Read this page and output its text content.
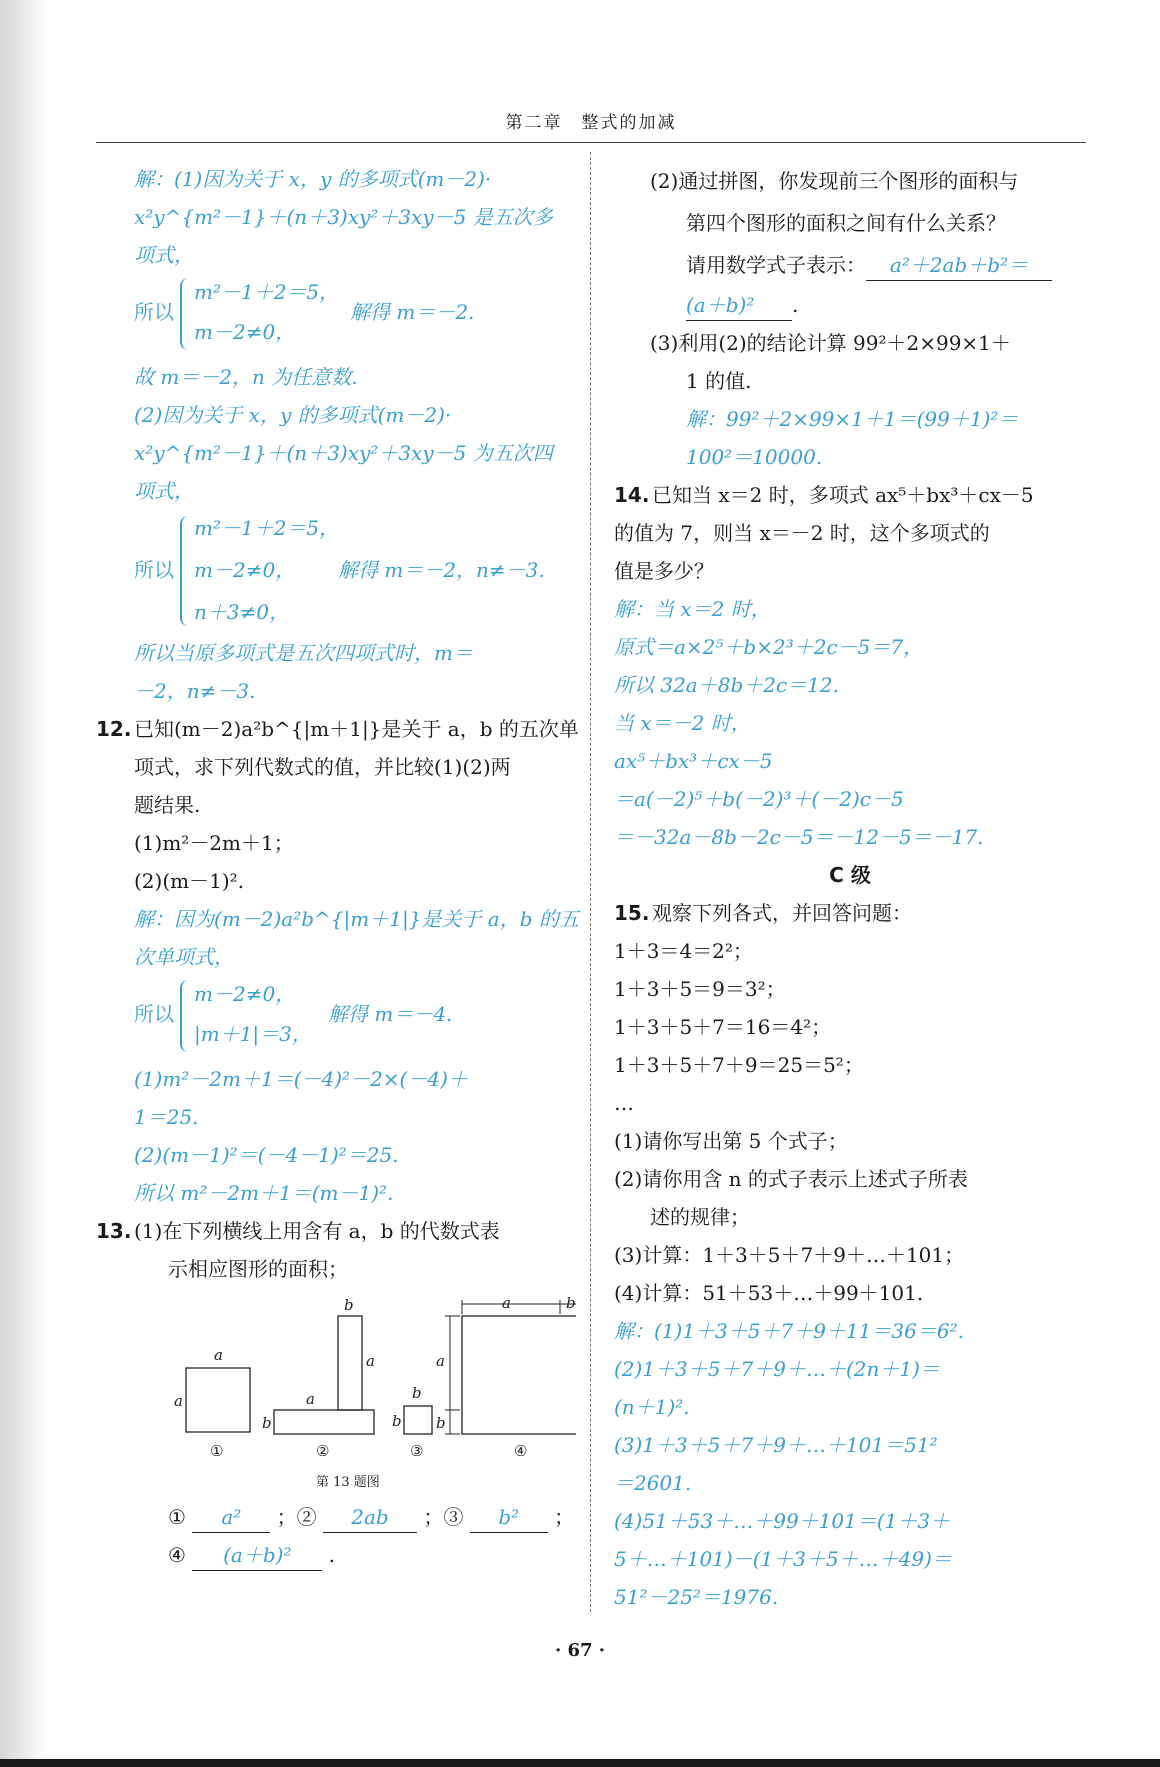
第二章　整式的加减
解：(1)因为关于 x，y 的多项式(m－2)·
x²y^{m²－1}＋(n＋3)xy²＋3xy－5 是五次多
项式，
所以
m²－1＋2＝5，
m－2≠0，
解得 m＝－2.
故 m＝－2，n 为任意数.
(2)因为关于 x，y 的多项式(m－2)·
x²y^{m²－1}＋(n＋3)xy²＋3xy－5 为五次四
项式，
所以
m²－1＋2＝5，
m－2≠0，
n＋3≠0，
解得 m＝－2，n≠－3.
所以当原多项式是五次四项式时，m＝
－2，n≠－3.
12. 已知(m－2)a²b^{|m＋1|}是关于 a，b 的五次单
项式，求下列代数式的值，并比较(1)(2)两
题结果.
(1)m²－2m＋1；
(2)(m－1)².
解：因为(m－2)a²b^{|m＋1|}是关于 a，b 的五
次单项式，
所以
m－2≠0，
|m＋1|＝3，
解得 m＝－4.
(1)m²－2m＋1＝(－4)²－2×(－4)＋
1＝25.
(2)(m－1)²＝(－4－1)²＝25.
所以 m²－2m＋1＝(m－1)².
13. (1)在下列横线上用含有 a，b 的代数式表
示相应图形的面积；
a
a	a
b
b
a
b
b
a	b
a
b
①	②	③	④
第 13 题图
① a² ；② 2ab ；③ b² ；
④ (a＋b)² .
(2)通过拼图，你发现前三个图形的面积与
第四个图形的面积之间有什么关系？
请用数学式子表示： a²＋2ab＋b²＝
(a＋b)² .
(3)利用(2)的结论计算 99²＋2×99×1＋
1 的值.
解：99²＋2×99×1＋1＝(99＋1)²＝
100²＝10000.
14. 已知当 x＝2 时，多项式 ax⁵＋bx³＋cx－5
的值为 7，则当 x＝－2 时，这个多项式的
值是多少？
解：当 x＝2 时，
原式＝a×2⁵＋b×2³＋2c－5＝7，
所以 32a＋8b＋2c＝12.
当 x＝－2 时，
ax⁵＋bx³＋cx－5
＝a(－2)⁵＋b(－2)³＋(－2)c－5
＝－32a－8b－2c－5＝－12－5＝－17.
C 级
15. 观察下列各式，并回答问题：
1＋3＝4＝2²；
1＋3＋5＝9＝3²；
1＋3＋5＋7＝16＝4²；
1＋3＋5＋7＋9＝25＝5²；
…
(1)请你写出第 5 个式子；
(2)请你用含 n 的式子表示上述式子所表
述的规律；
(3)计算：1＋3＋5＋7＋9＋…＋101；
(4)计算：51＋53＋…＋99＋101.
解：(1)1＋3＋5＋7＋9＋11＝36＝6².
(2)1＋3＋5＋7＋9＋…＋(2n＋1)＝
(n＋1)².
(3)1＋3＋5＋7＋9＋…＋101＝51²
＝2601.
(4)51＋53＋…＋99＋101＝(1＋3＋
5＋…＋101)－(1＋3＋5＋…＋49)＝
51²－25²＝1976.
· 67 ·
